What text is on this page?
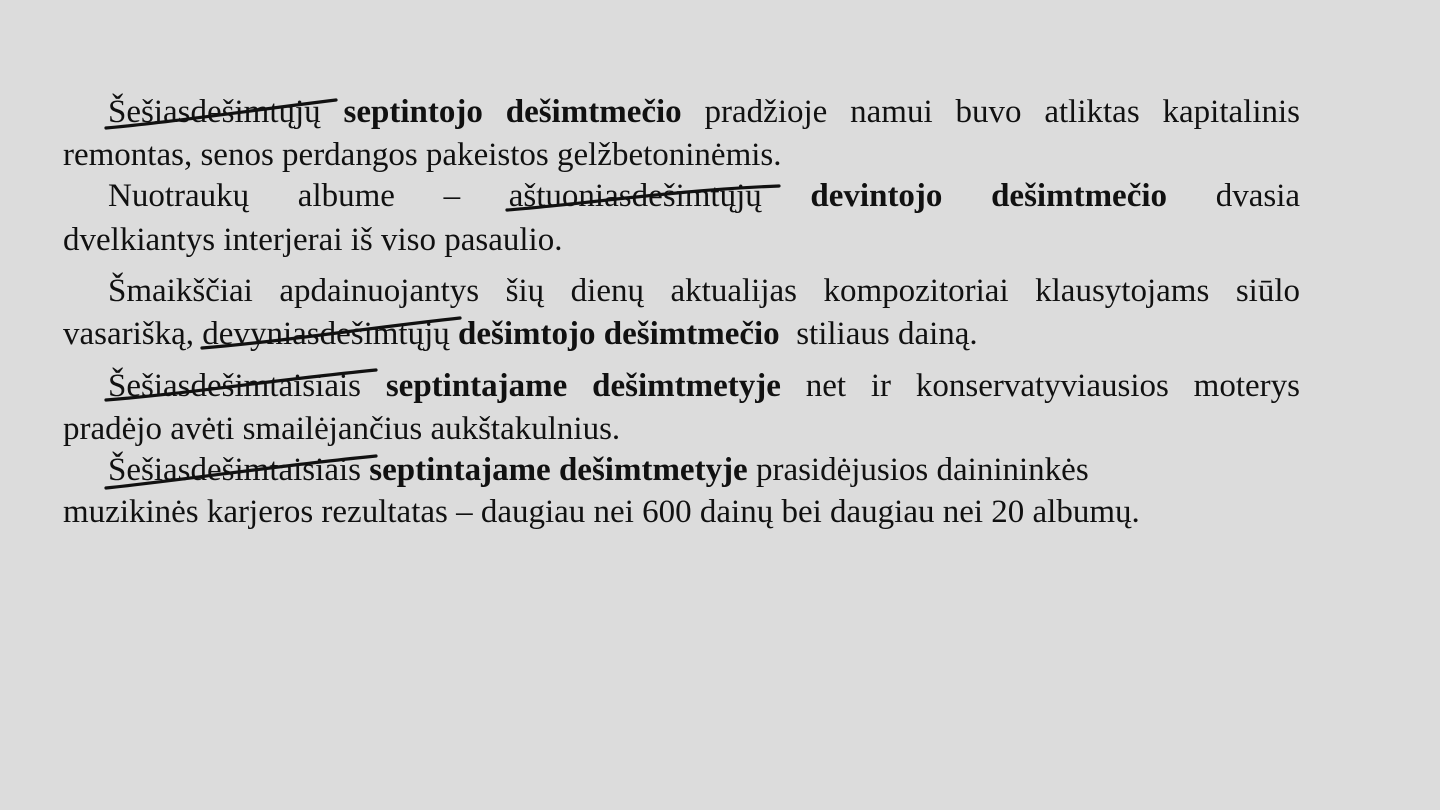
Šešiasdešimtųjų septintojo dešimtmečio pradžioje namui buvo atliktas kapitalinis
remontas, senos perdangos pakeistos gelžbetoninėmis.
Nuotraukų albume – aštuoniasdešimtųjų devintojo dešimtmečio dvasia
dvelkiantys interjerai iš viso pasaulio.
Šmaikščiai apdainuojantys šių dienų aktualijas kompozitoriai klausytojams siūlo
vasarišką, devyniasdešimtųjų dešimtojo dešimtmečio  stiliaus dainą.
Šešiasdešimtaisiais septintajame dešimtmetyje net ir konservatyviausios moterys
pradėjo avėti smailėjančius aukštakulnius.
Šešiasdešimtaisiais septintajame dešimtmetyje prasidėjusios dainininkės
muzikinės karjeros rezultatas – daugiau nei 600 dainų bei daugiau nei 20 albumų.
